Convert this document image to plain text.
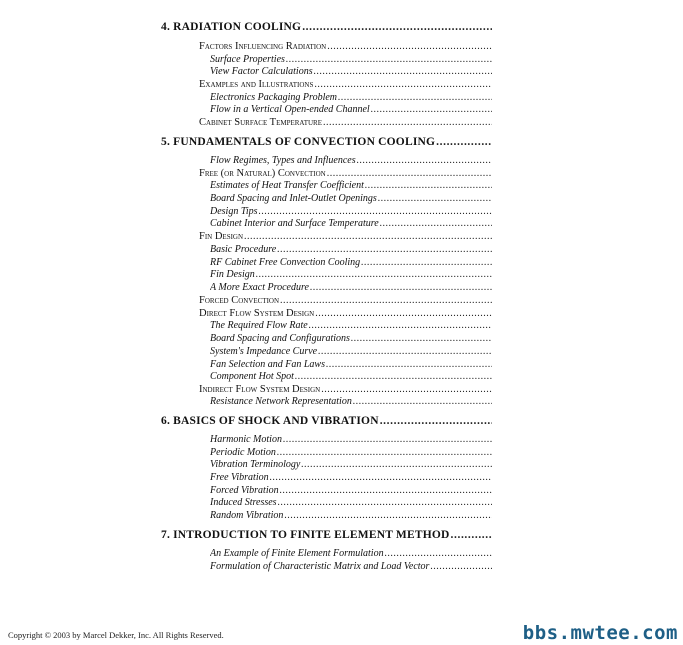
4. RADIATION COOLING
.....
Factors Influencing Radiation
.....
Surface Properties
.....
View Factor Calculations
.....
Examples and Illustrations
.....
Electronics Packaging Problem
.....
Flow in a Vertical Open-ended Channel
.....
Cabinet Surface Temperature
.....
5. FUNDAMENTALS OF CONVECTION COOLING
.....
Flow Regimes, Types and Influences
.....
Free (or Natural) Convection
.....
Estimates of Heat Transfer Coefficient
.....
Board Spacing and Inlet-Outlet Openings
.....
Design Tips
.....
Cabinet Interior and Surface Temperature
.....
Fin Design
.....
Basic Procedure
.....
RF Cabinet Free Convection Cooling
.....
Fin Design
.....
A More Exact Procedure
.....
Forced Convection
.....
Direct Flow System Design
.....
The Required Flow Rate
.....
Board Spacing and Configurations
.....
System's Impedance Curve
.....
Fan Selection and Fan Laws
.....
Component Hot Spot
.....
Indirect Flow System Design
.....
Resistance Network Representation
.....
6. BASICS OF SHOCK AND VIBRATION
.....
Harmonic Motion
.....
Periodic Motion
.....
Vibration Terminology
.....
Free Vibration
.....
Forced Vibration
.....
Induced Stresses
.....
Random Vibration
.....
7. INTRODUCTION TO FINITE ELEMENT METHOD
.....
An Example of Finite Element Formulation
.....
Formulation of Characteristic Matrix and Load Vector
.....
Copyright © 2003 by Marcel Dekker, Inc. All Rights Reserved.	bbs.mwtee.com
